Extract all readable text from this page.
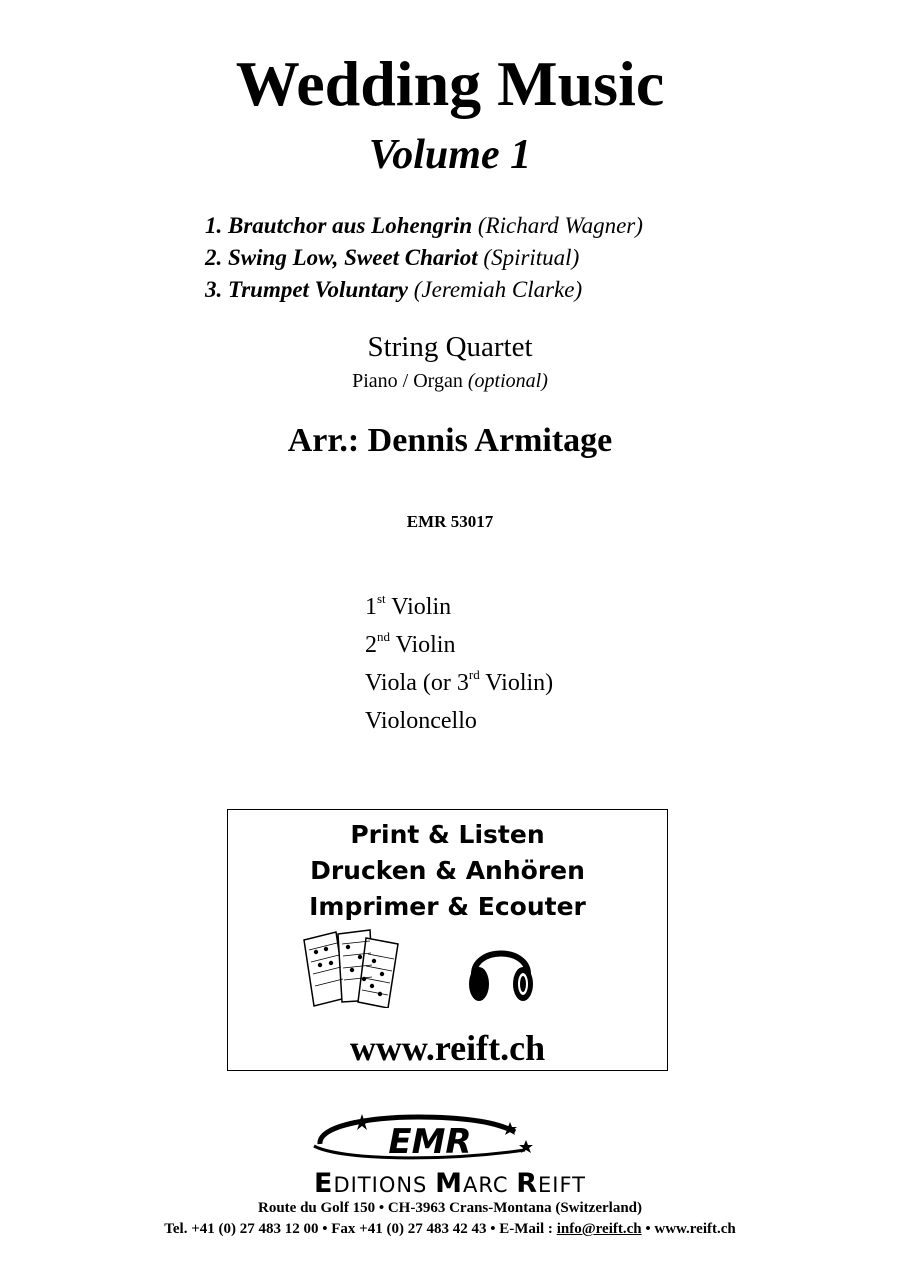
Wedding Music
Volume 1
1. Brautchor aus Lohengrin (Richard Wagner)
2. Swing Low, Sweet Chariot (Spiritual)
3. Trumpet Voluntary (Jeremiah Clarke)
String Quartet
Piano / Organ (optional)
Arr.: Dennis Armitage
EMR 53017
1st Violin
2nd Violin
Viola (or 3rd Violin)
Violoncello
Print & Listen
Drucken & Anhören
Imprimer & Ecouter
www.reift.ch
EMR
EDITIONS MARC REIFT
Route du Golf 150 • CH-3963 Crans-Montana (Switzerland)
Tel. +41 (0) 27 483 12 00 • Fax +41 (0) 27 483 42 43 • E-Mail : info@reift.ch • www.reift.ch
